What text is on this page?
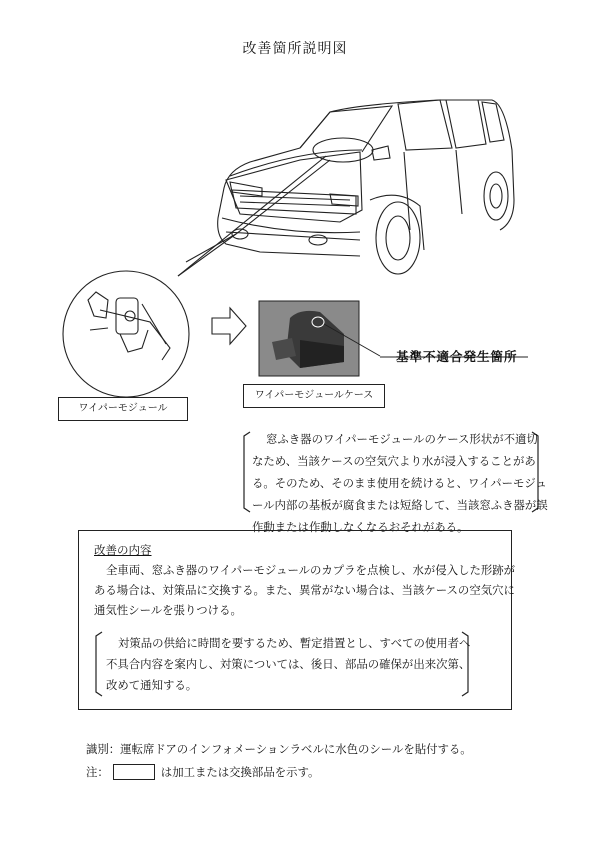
改善箇所説明図
ワイパーモジュール
ワイパーモジュールケース
基準不適合発生箇所
窓ふき器のワイパーモジュールのケース形状が不適切
なため、当該ケースの空気穴より水が浸入することがあ
る。そのため、そのまま使用を続けると、ワイパーモジュ
ール内部の基板が腐食または短絡して、当該窓ふき器が誤
作動または作動しなくなるおそれがある。
改善の内容
全車両、窓ふき器のワイパーモジュールのカプラを点検し、水が侵入した形跡が
ある場合は、対策品に交換する。また、異常がない場合は、当該ケースの空気穴に
通気性シールを張りつける。
対策品の供給に時間を要するため、暫定措置とし、すべての使用者へ
不具合内容を案内し、対策については、後日、部品の確保が出来次第、
改めて通知する。
識別：運転席ドアのインフォメーションラベルに水色のシールを貼付する。
注：	は加工または交換部品を示す。
